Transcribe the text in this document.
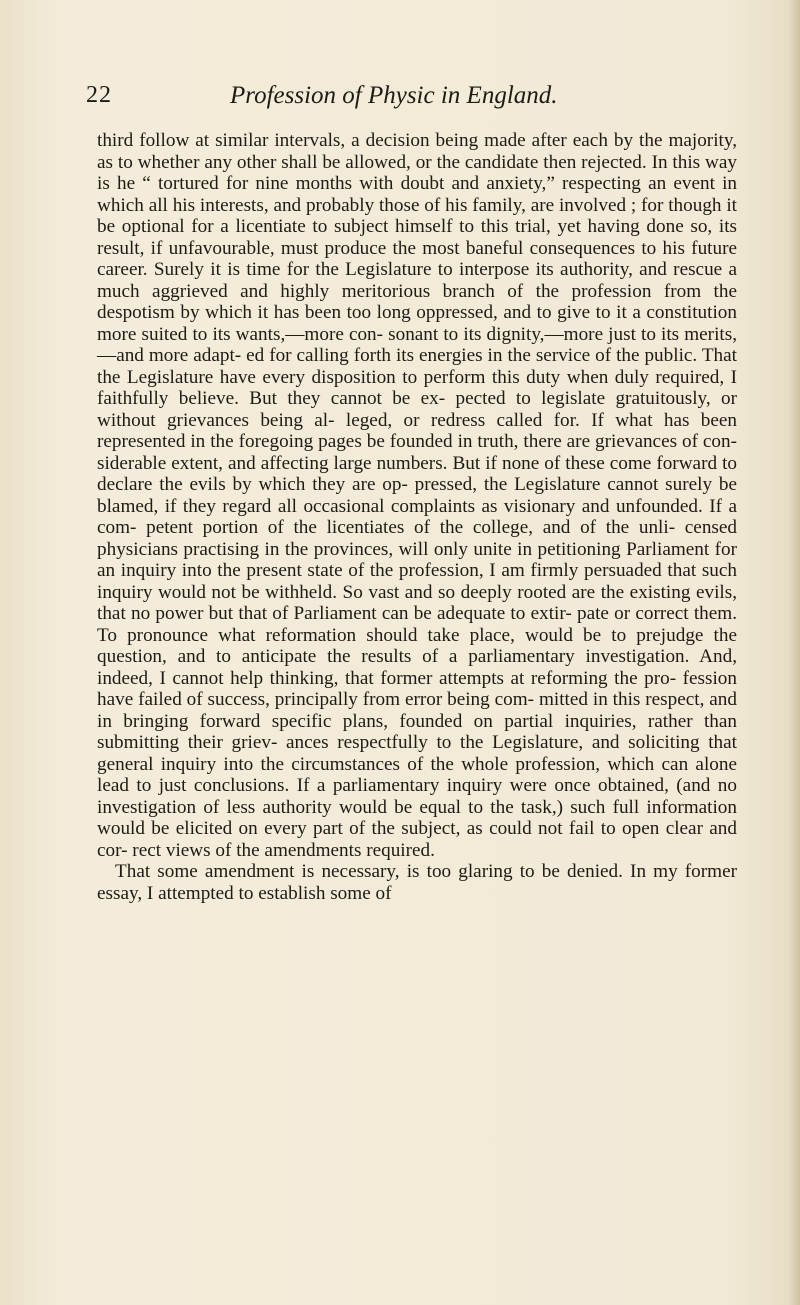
22	Profession of Physic in England.

third follow at similar intervals, a decision being made after each by the majority, as to whether any other shall be allowed, or the candidate then rejected. In this way is he “ tortured for nine months with doubt and anxiety,” respecting an event in which all his interests, and probably those of his family, are involved ; for though it be optional for a licentiate to subject himself to this trial, yet having done so, its result, if unfavourable, must produce the most baneful consequences to his future career. Surely it is time for the Legislature to interpose its authority, and rescue a much aggrieved and highly meritorious branch of the profession from the despotism by which it has been too long oppressed, and to give to it a constitution more suited to its wants,—more con- sonant to its dignity,—more just to its merits,—and more adapt- ed for calling forth its energies in the service of the public. That the Legislature have every disposition to perform this duty when duly required, I faithfully believe. But they cannot be ex- pected to legislate gratuitously, or without grievances being al- leged, or redress called for. If what has been represented in the foregoing pages be founded in truth, there are grievances of con- siderable extent, and affecting large numbers. But if none of these come forward to declare the evils by which they are op- pressed, the Legislature cannot surely be blamed, if they regard all occasional complaints as visionary and unfounded. If a com- petent portion of the licentiates of the college, and of the unli- censed physicians practising in the provinces, will only unite in petitioning Parliament for an inquiry into the present state of the profession, I am firmly persuaded that such inquiry would not be withheld. So vast and so deeply rooted are the existing evils, that no power but that of Parliament can be adequate to extir- pate or correct them. To pronounce what reformation should take place, would be to prejudge the question, and to anticipate the results of a parliamentary investigation. And, indeed, I cannot help thinking, that former attempts at reforming the pro- fession have failed of success, principally from error being com- mitted in this respect, and in bringing forward specific plans, founded on partial inquiries, rather than submitting their griev- ances respectfully to the Legislature, and soliciting that general inquiry into the circumstances of the whole profession, which can alone lead to just conclusions. If a parliamentary inquiry were once obtained, (and no investigation of less authority would be equal to the task,) such full information would be elicited on every part of the subject, as could not fail to open clear and cor- rect views of the amendments required.

That some amendment is necessary, is too glaring to be denied. In my former essay, I attempted to establish some of
